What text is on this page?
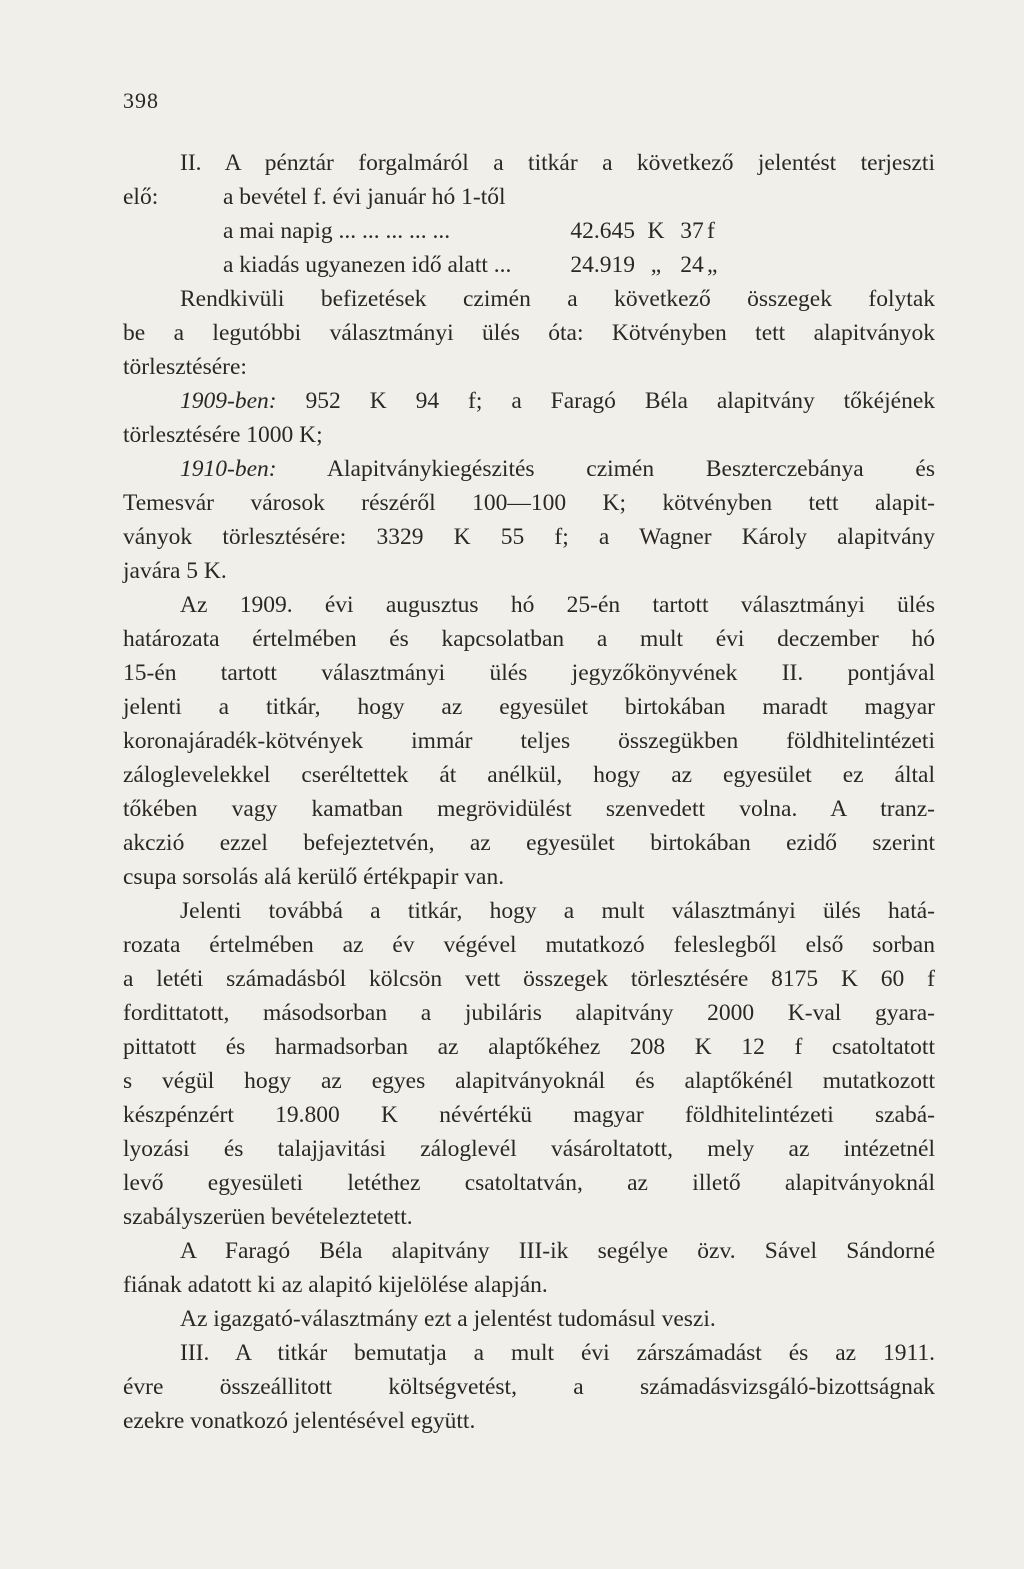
398
II. A pénztár forgalmáról a titkár a következő jelentést terjeszti
elő:	a bevétel f. évi január hó 1-től
a mai napig ... ... ... ... ...	42.645 K 37 f
a kiadás ugyanezen idő alatt ...	24.919 „ 24 „
Rendkivüli befizetések czimén a következő összegek folytak
be a legutóbbi választmányi ülés óta: Kötvényben tett alapitványok
törlesztésére:
1909-ben: 952 K 94 f; a Faragó Béla alapitvány tőkéjének
törlesztésére 1000 K;
1910-ben: Alapitványkiegészités czimén Beszterczebánya és
Temesvár városok részéről 100—100 K; kötvényben tett alapit-
ványok törlesztésére: 3329 K 55 f; a Wagner Károly alapitvány
javára 5 K.
Az 1909. évi augusztus hó 25-én tartott választmányi ülés
határozata értelmében és kapcsolatban a mult évi deczember hó
15-én tartott választmányi ülés jegyzőkönyvének II. pontjával
jelenti a titkár, hogy az egyesület birtokában maradt magyar
koronajáradék-kötvények immár teljes összegükben földhitelintézeti
záloglevelekkel cseréltettek át anélkül, hogy az egyesület ez által
tőkében vagy kamatban megrövidülést szenvedett volna. A tranz-
akczió ezzel befejeztetvén, az egyesület birtokában ezidő szerint
csupa sorsolás alá kerülő értékpapir van.
Jelenti továbbá a titkár, hogy a mult választmányi ülés hatá-
rozata értelmében az év végével mutatkozó feleslegből első sorban
a letéti számadásból kölcsön vett összegek törlesztésére 8175 K 60 f
fordittatott, másodsorban a jubiláris alapitvány 2000 K-val gyara-
pittatott és harmadsorban az alaptőkéhez 208 K 12 f csatoltatott
s végül hogy az egyes alapitványoknál és alaptőkénél mutatkozott
készpénzért 19.800 K névértékü magyar földhitelintézeti szabá-
lyozási és talajjavitási záloglevél vásároltatott, mely az intézetnél
levő egyesületi letéthez csatoltatván, az illető alapitványoknál
szabályszerüen bevételeztetett.
A Faragó Béla alapitvány III-ik segélye özv. Sável Sándorné
fiának adatott ki az alapitó kijelölése alapján.
Az igazgató-választmány ezt a jelentést tudomásul veszi.
III. A titkár bemutatja a mult évi zárszámadást és az 1911.
évre összeállitott költségvetést, a számadásvizsgáló-bizottságnak
ezekre vonatkozó jelentésével együtt.
